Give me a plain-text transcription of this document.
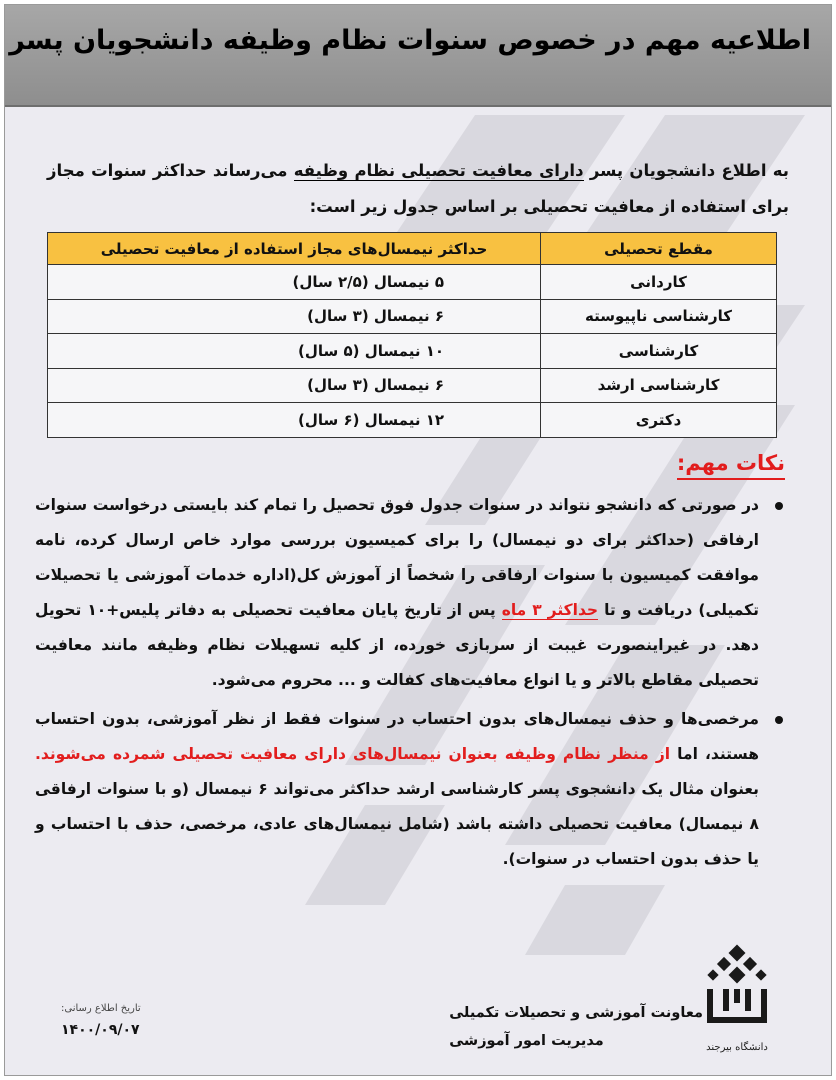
اطلاعیه مهم در خصوص سنوات نظام وظیفه دانشجویان پسر

به اطلاع دانشجویان پسر دارای معافیت تحصیلی نظام وظیفه می‌رساند حداکثر سنوات مجاز برای استفاده از معافیت تحصیلی بر اساس جدول زیر است:

مقطع تحصیلی	حداکثر نیمسال‌های مجاز استفاده از معافیت تحصیلی
کاردانی	۵ نیمسال (۲/۵ سال)
کارشناسی ناپیوسته	۶ نیمسال (۳ سال)
کارشناسی	۱۰ نیمسال (۵ سال)
کارشناسی ارشد	۶ نیمسال (۳ سال)
دکتری	۱۲ نیمسال (۶ سال)
نکات مهم:
در صورتی که دانشجو نتواند در سنوات جدول فوق تحصیل را تمام کند بایستی درخواست سنوات ارفاقی (حداکثر برای دو نیمسال) را برای کمیسیون بررسی موارد خاص ارسال کرده، نامه موافقت کمیسیون با سنوات ارفاقی را شخصاً از آموزش کل(اداره خدمات آموزشی یا تحصیلات تکمیلی) دریافت و تا حداکثر ۳ ماه پس از تاریخ پایان معافیت تحصیلی به دفاتر پلیس+۱۰ تحویل دهد. در غیراینصورت غیبت از سربازی خورده، از کلیه تسهیلات نظام وظیفه مانند معافیت تحصیلی مقاطع بالاتر و یا انواع معافیت‌های کفالت و ... محروم می‌شود.
مرخصی‌ها و حذف نیمسال‌های بدون احتساب در سنوات فقط از نظر آموزشی، بدون احتساب هستند، اما از منظر نظام وظیفه بعنوان نیمسال‌های دارای معافیت تحصیلی شمرده می‌شوند. بعنوان مثال یک دانشجوی پسر کارشناسی ارشد حداکثر می‌تواند ۶ نیمسال (و با سنوات ارفاقی ۸ نیمسال) معافیت تحصیلی داشته باشد (شامل نیمسال‌های عادی، مرخصی، حذف با احتساب و یا حذف بدون احتساب در سنوات).
معاونت آموزشی و تحصیلات تکمیلی
مدیریت امور آموزشی
تاریخ اطلاع رسانی:
۱۴۰۰/۰۹/۰۷
دانشگاه بیرجند
